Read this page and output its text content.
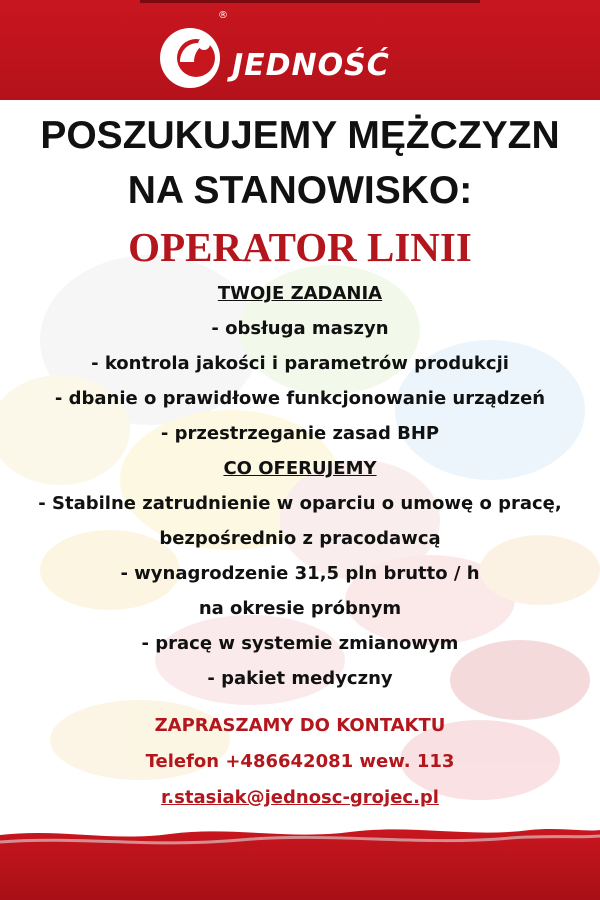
®
JEDNOŚĆ

POSZUKUJEMY MĘŻCZYZN

NA STANOWISKO:

OPERATOR LINII

TWOJE ZADANIA

- obsługa maszyn

- kontrola jakości i parametrów produkcji

- dbanie o prawidłowe funkcjonowanie urządzeń

- przestrzeganie zasad BHP

CO OFERUJEMY

- Stabilne zatrudnienie w oparciu o umowę o pracę,

bezpośrednio z pracodawcą

- wynagrodzenie 31,5 pln brutto / h

na okresie próbnym

- pracę w systemie zmianowym

- pakiet medyczny

ZAPRASZAMY DO KONTAKTU

Telefon +486642081 wew. 113

r.stasiak@jednosc-grojec.pl
